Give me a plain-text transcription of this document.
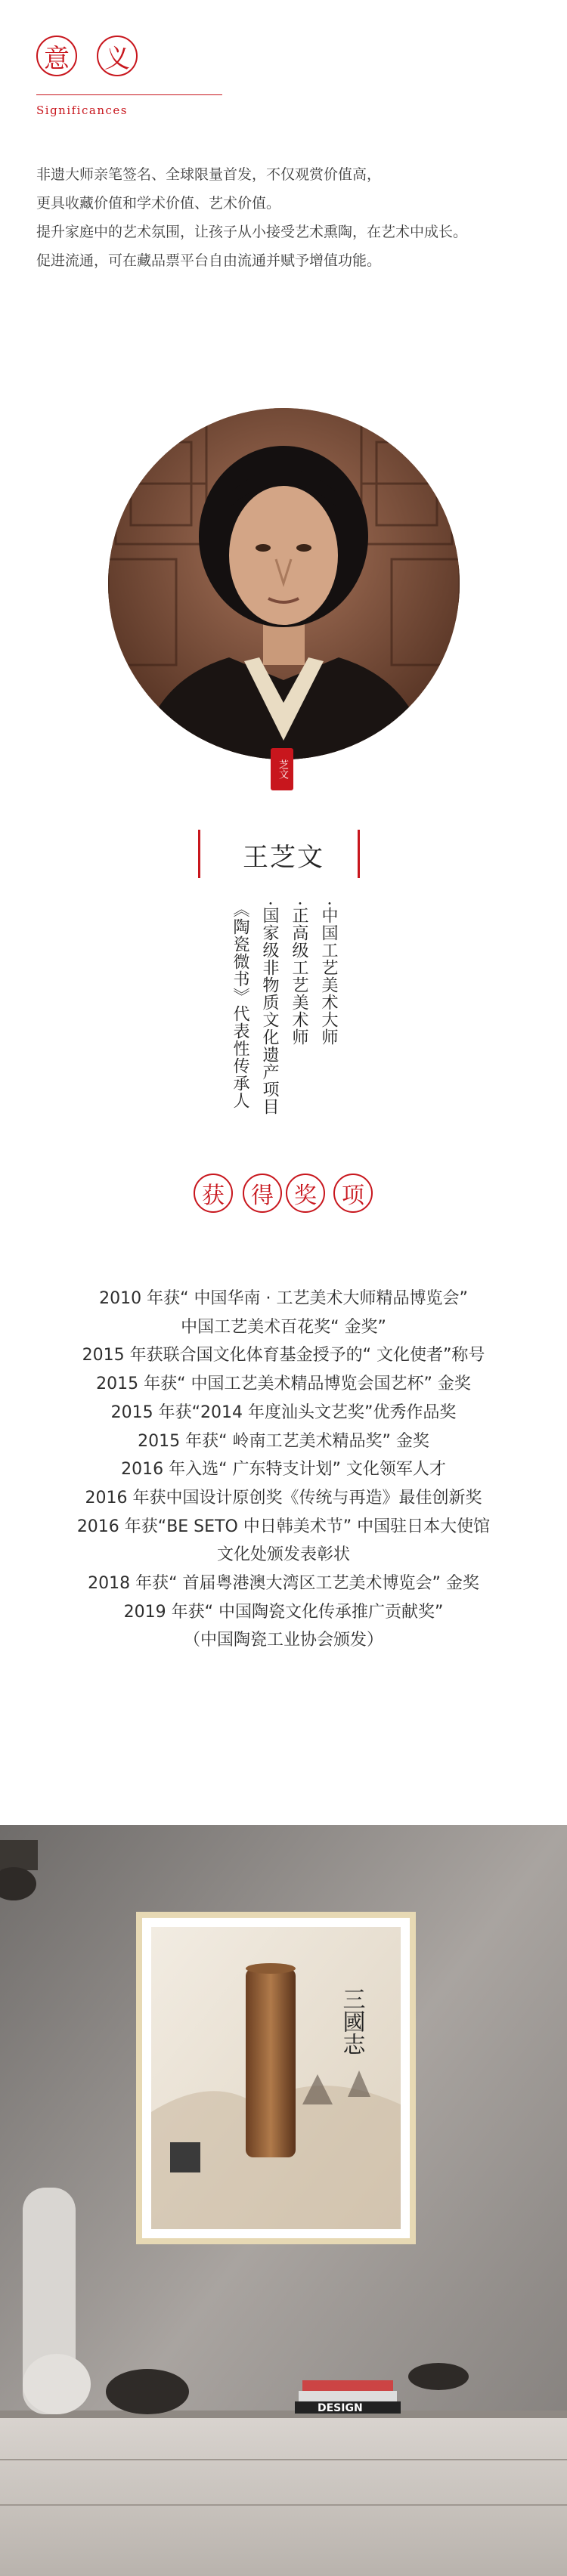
意 义
Significances
非遗大师亲笔签名、全球限量首发，不仅观赏价值高，
更具收藏价值和学术价值、艺术价值。
提升家庭中的艺术氛围，让孩子从小接受艺术熏陶，在艺术中成长。
促进流通，可在藏品票平台自由流通并赋予增值功能。
芝文
王芝文
·中国工艺美术大师
·正高级工艺美术师
·国家级非物质文化遗产项目
《陶瓷微书》代表性传承人
获	得 奖	项
2010 年获“ 中国华南 · 工艺美术大师精品博览会”
中国工艺美术百花奖“ 金奖”
2015 年获联合国文化体育基金授予的“ 文化使者”称号
2015 年获“ 中国工艺美术精品博览会国艺杯” 金奖
2015 年获“2014 年度汕头文艺奖”优秀作品奖
2015 年获“ 岭南工艺美术精品奖” 金奖
2016 年入选“ 广东特支计划” 文化领军人才
2016 年获中国设计原创奖《传统与再造》最佳创新奖
2016 年获“BE SETO 中日韩美术节” 中国驻日本大使馆
文化处颁发表彰状
2018 年获“ 首届粤港澳大湾区工艺美术博览会” 金奖
2019 年获“ 中国陶瓷文化传承推广贡献奖”
（中国陶瓷工业协会颁发）
三國志
DESIGN
